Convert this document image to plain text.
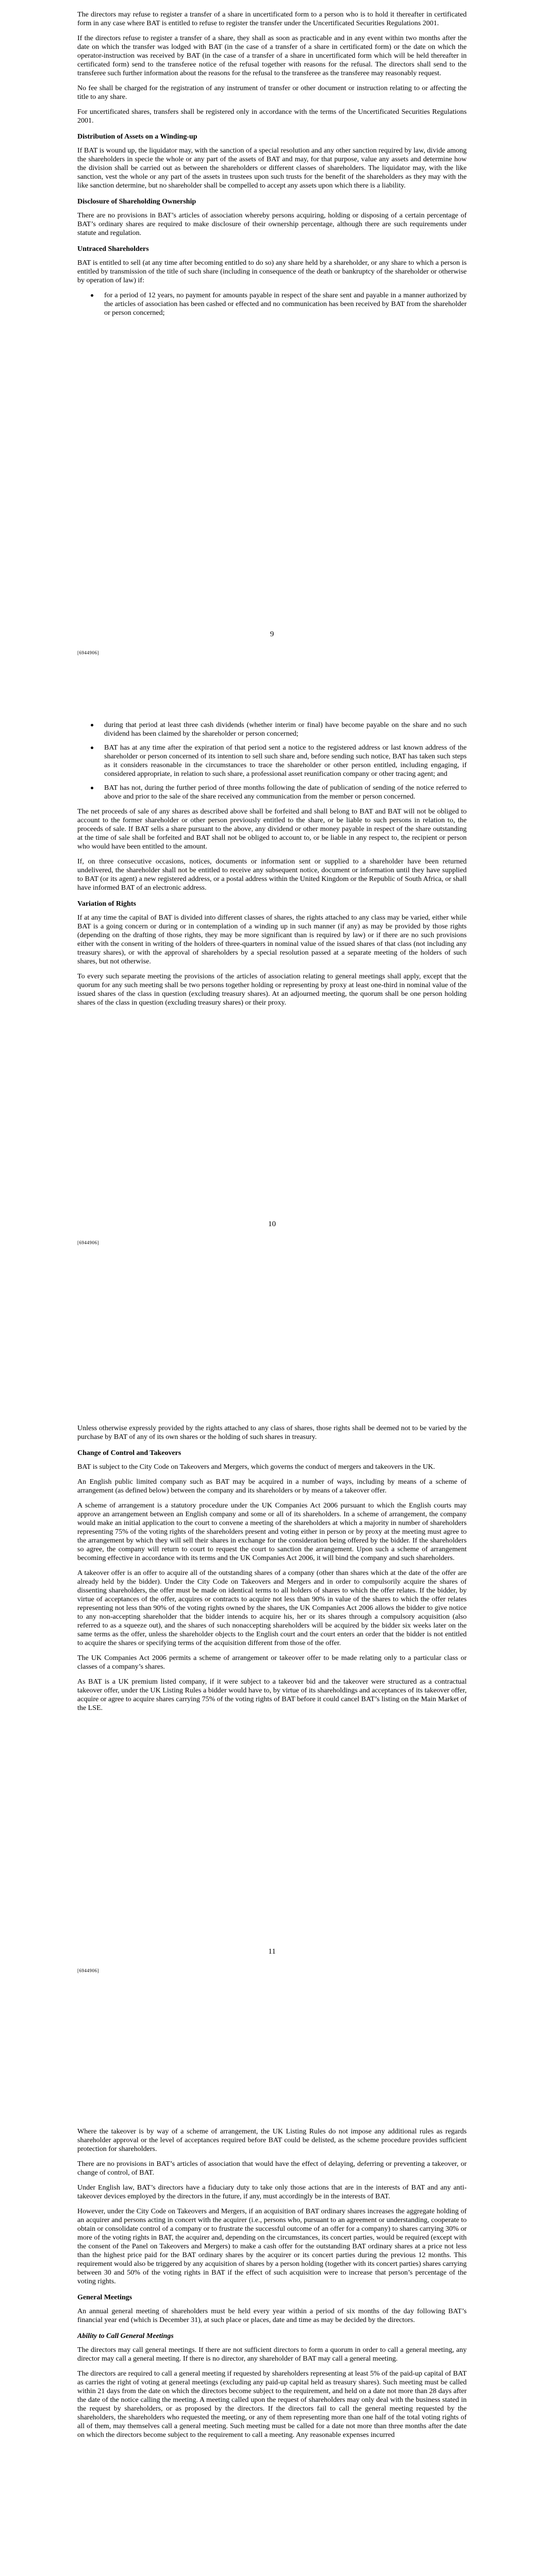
The directors may refuse to register a transfer of a share in uncertificated form to a person who is to hold it thereafter in certificated form in any case where BAT is entitled to refuse to register the transfer under the Uncertificated Securities Regulations 2001.

If the directors refuse to register a transfer of a share, they shall as soon as practicable and in any event within two months after the date on which the transfer was lodged with BAT (in the case of a transfer of a share in certificated form) or the date on which the operator-instruction was received by BAT (in the case of a transfer of a share in uncertificated form which will be held thereafter in certificated form) send to the transferee notice of the refusal together with reasons for the refusal. The directors shall send to the transferee such further information about the reasons for the refusal to the transferee as the transferee may reasonably request.

No fee shall be charged for the registration of any instrument of transfer or other document or instruction relating to or affecting the title to any share.

For uncertificated shares, transfers shall be registered only in accordance with the terms of the Uncertificated Securities Regulations 2001.

Distribution of Assets on a Winding-up

If BAT is wound up, the liquidator may, with the sanction of a special resolution and any other sanction required by law, divide among the shareholders in specie the whole or any part of the assets of BAT and may, for that purpose, value any assets and determine how the division shall be carried out as between the shareholders or different classes of shareholders. The liquidator may, with the like sanction, vest the whole or any part of the assets in trustees upon such trusts for the benefit of the shareholders as they may with the like sanction determine, but no shareholder shall be compelled to accept any assets upon which there is a liability.

Disclosure of Shareholding Ownership

There are no provisions in BAT’s articles of association whereby persons acquiring, holding or disposing of a certain percentage of BAT’s ordinary shares are required to make disclosure of their ownership percentage, although there are such requirements under statute and regulation.

Untraced Shareholders

BAT is entitled to sell (at any time after becoming entitled to do so) any share held by a shareholder, or any share to which a person is entitled by transmission of the title of such share (including in consequence of the death or bankruptcy of the shareholder or otherwise by operation of law) if:

for a period of 12 years, no payment for amounts payable in respect of the share sent and payable in a manner authorized by the articles of association has been cashed or effected and no communication has been received by BAT from the shareholder or person concerned;
9
[6944906]
during that period at least three cash dividends (whether interim or final) have become payable on the share and no such dividend has been claimed by the shareholder or person concerned;
BAT has at any time after the expiration of that period sent a notice to the registered address or last known address of the shareholder or person concerned of its intention to sell such share and, before sending such notice, BAT has taken such steps as it considers reasonable in the circumstances to trace the shareholder or other person entitled, including engaging, if considered appropriate, in relation to such share, a professional asset reunification company or other tracing agent; and
BAT has not, during the further period of three months following the date of publication of sending of the notice referred to above and prior to the sale of the share received any communication from the member or person concerned.

The net proceeds of sale of any shares as described above shall be forfeited and shall belong to BAT and BAT will not be obliged to account to the former shareholder or other person previously entitled to the share, or be liable to such persons in relation to, the proceeds of sale. If BAT sells a share pursuant to the above, any dividend or other money payable in respect of the share outstanding at the time of sale shall be forfeited and BAT shall not be obliged to account to, or be liable in any respect to, the recipient or person who would have been entitled to the amount.

If, on three consecutive occasions, notices, documents or information sent or supplied to a shareholder have been returned undelivered, the shareholder shall not be entitled to receive any subsequent notice, document or information until they have supplied to BAT (or its agent) a new registered address, or a postal address within the United Kingdom or the Republic of South Africa, or shall have informed BAT of an electronic address.

Variation of Rights

If at any time the capital of BAT is divided into different classes of shares, the rights attached to any class may be varied, either while BAT is a going concern or during or in contemplation of a winding up in such manner (if any) as may be provided by those rights (depending on the drafting of those rights, they may be more significant than is required by law) or if there are no such provisions either with the consent in writing of the holders of three-quarters in nominal value of the issued shares of that class (not including any treasury shares), or with the approval of shareholders by a special resolution passed at a separate meeting of the holders of such shares, but not otherwise.

To every such separate meeting the provisions of the articles of association relating to general meetings shall apply, except that the quorum for any such meeting shall be two persons together holding or representing by proxy at least one-third in nominal value of the issued shares of the class in question (excluding treasury shares). At an adjourned meeting, the quorum shall be one person holding shares of the class in question (excluding treasury shares) or their proxy.

10
[6944906]

Unless otherwise expressly provided by the rights attached to any class of shares, those rights shall be deemed not to be varied by the purchase by BAT of any of its own shares or the holding of such shares in treasury.

Change of Control and Takeovers

BAT is subject to the City Code on Takeovers and Mergers, which governs the conduct of mergers and takeovers in the UK.

An English public limited company such as BAT may be acquired in a number of ways, including by means of a scheme of arrangement (as defined below) between the company and its shareholders or by means of a takeover offer.

A scheme of arrangement is a statutory procedure under the UK Companies Act 2006 pursuant to which the English courts may approve an arrangement between an English company and some or all of its shareholders. In a scheme of arrangement, the company would make an initial application to the court to convene a meeting of the shareholders at which a majority in number of shareholders representing 75% of the voting rights of the shareholders present and voting either in person or by proxy at the meeting must agree to the arrangement by which they will sell their shares in exchange for the consideration being offered by the bidder. If the shareholders so agree, the company will return to court to request the court to sanction the arrangement. Upon such a scheme of arrangement becoming effective in accordance with its terms and the UK Companies Act 2006, it will bind the company and such shareholders.

A takeover offer is an offer to acquire all of the outstanding shares of a company (other than shares which at the date of the offer are already held by the bidder). Under the City Code on Takeovers and Mergers and in order to compulsorily acquire the shares of dissenting shareholders, the offer must be made on identical terms to all holders of shares to which the offer relates. If the bidder, by virtue of acceptances of the offer, acquires or contracts to acquire not less than 90% in value of the shares to which the offer relates representing not less than 90% of the voting rights owned by the shares, the UK Companies Act 2006 allows the bidder to give notice to any non-accepting shareholder that the bidder intends to acquire his, her or its shares through a compulsory acquisition (also referred to as a squeeze out), and the shares of such nonaccepting shareholders will be acquired by the bidder six weeks later on the same terms as the offer, unless the shareholder objects to the English court and the court enters an order that the bidder is not entitled to acquire the shares or specifying terms of the acquisition different from those of the offer.

The UK Companies Act 2006 permits a scheme of arrangement or takeover offer to be made relating only to a particular class or classes of a company’s shares.

As BAT is a UK premium listed company, if it were subject to a takeover bid and the takeover were structured as a contractual takeover offer, under the UK Listing Rules a bidder would have to, by virtue of its shareholdings and acceptances of its takeover offer, acquire or agree to acquire shares carrying 75% of the voting rights of BAT before it could cancel BAT’s listing on the Main Market of the LSE.

11
[6944906]

Where the takeover is by way of a scheme of arrangement, the UK Listing Rules do not impose any additional rules as regards shareholder approval or the level of acceptances required before BAT could be delisted, as the scheme procedure provides sufficient protection for shareholders.

There are no provisions in BAT’s articles of association that would have the effect of delaying, deferring or preventing a takeover, or change of control, of BAT.

Under English law, BAT’s directors have a fiduciary duty to take only those actions that are in the interests of BAT and any anti-takeover devices employed by the directors in the future, if any, must accordingly be in the interests of BAT.

However, under the City Code on Takeovers and Mergers, if an acquisition of BAT ordinary shares increases the aggregate holding of an acquirer and persons acting in concert with the acquirer (i.e., persons who, pursuant to an agreement or understanding, cooperate to obtain or consolidate control of a company or to frustrate the successful outcome of an offer for a company) to shares carrying 30% or more of the voting rights in BAT, the acquirer and, depending on the circumstances, its concert parties, would be required (except with the consent of the Panel on Takeovers and Mergers) to make a cash offer for the outstanding BAT ordinary shares at a price not less than the highest price paid for the BAT ordinary shares by the acquirer or its concert parties during the previous 12 months. This requirement would also be triggered by any acquisition of shares by a person holding (together with its concert parties) shares carrying between 30 and 50% of the voting rights in BAT if the effect of such acquisition were to increase that person’s percentage of the voting rights.

General Meetings

An annual general meeting of shareholders must be held every year within a period of six months of the day following BAT’s financial year end (which is December 31), at such place or places, date and time as may be decided by the directors.

Ability to Call General Meetings

The directors may call general meetings. If there are not sufficient directors to form a quorum in order to call a general meeting, any director may call a general meeting. If there is no director, any shareholder of BAT may call a general meeting.

The directors are required to call a general meeting if requested by shareholders representing at least 5% of the paid-up capital of BAT as carries the right of voting at general meetings (excluding any paid-up capital held as treasury shares). Such meeting must be called within 21 days from the date on which the directors become subject to the requirement, and held on a date not more than 28 days after the date of the notice calling the meeting. A meeting called upon the request of shareholders may only deal with the business stated in the request by shareholders, or as proposed by the directors. If the directors fail to call the general meeting requested by the shareholders, the shareholders who requested the meeting, or any of them representing more than one half of the total voting rights of all of them, may themselves call a general meeting. Such meeting must be called for a date not more than three months after the date on which the directors become subject to the requirement to call a meeting. Any reasonable expenses incurred
